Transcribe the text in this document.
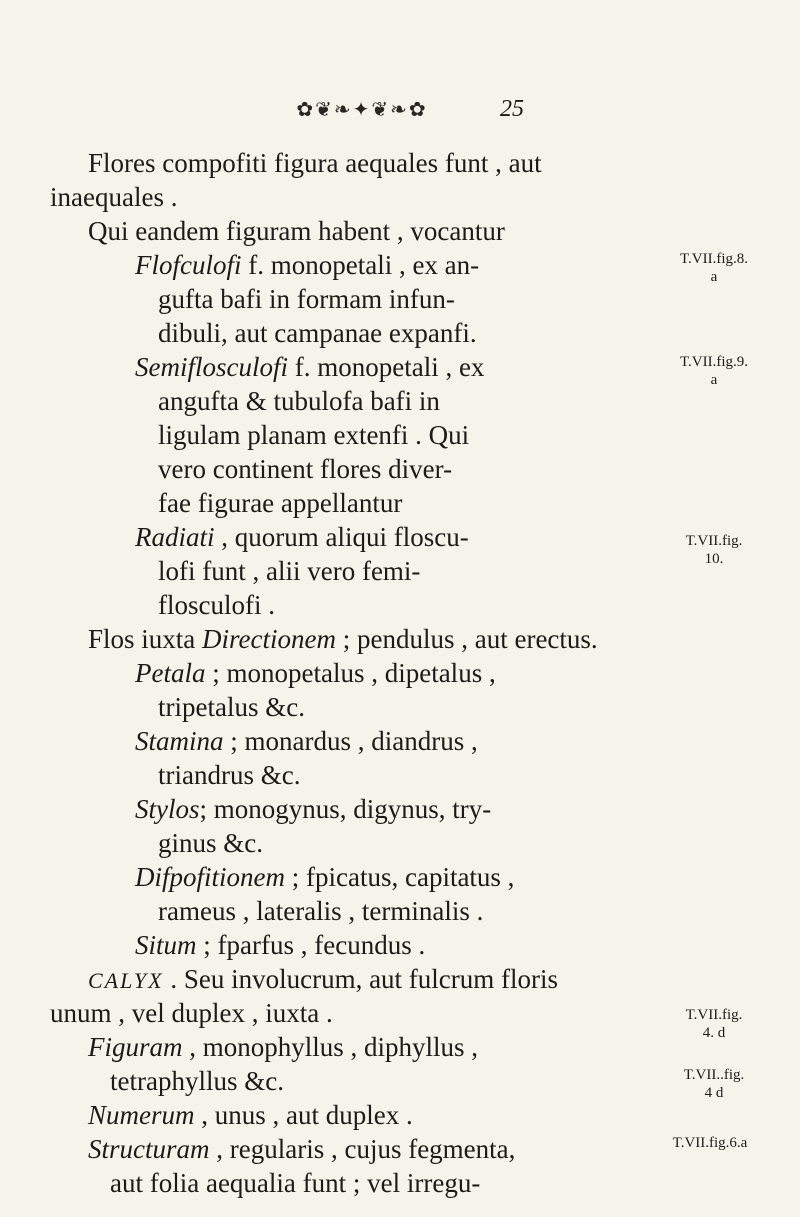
✿❦❧✦❦❧✿	25
Flores compofiti figura aequales funt , aut
inaequales .
Qui eandem figuram habent , vocantur
Flofculofi f. monopetali , ex an-
gufta bafi in formam infun-
dibuli, aut campanae expanfi.
Semiflosculofi f. monopetali , ex
angufta & tubulofa bafi in
ligulam planam extenfi . Qui
vero continent flores diver-
fae figurae appellantur
Radiati , quorum aliqui floscu-
lofi funt , alii vero femi-
flosculofi .
Flos iuxta Directionem ; pendulus , aut erectus.
Petala ; monopetalus , dipetalus ,
tripetalus &c.
Stamina ; monardus , diandrus ,
triandrus &c.
Stylos; monogynus, digynus, try-
ginus &c.
Difpofitionem ; fpicatus, capitatus ,
rameus , lateralis , terminalis .
Situm ; fparfus , fecundus .
CALYX . Seu involucrum, aut fulcrum floris
unum , vel duplex , iuxta .
Figuram , monophyllus , diphyllus ,
tetraphyllus &c.
Numerum , unus , aut duplex .
Structuram , regularis , cujus fegmenta,
aut folia aequalia funt ; vel irregu-
T.VII.fig.8.
a
T.VII.fig.9.
a
T.VII.fig.
10.
T.VII.fig.
4. d
T.VII..fig.
4 d
T.VII.fig.6.a
